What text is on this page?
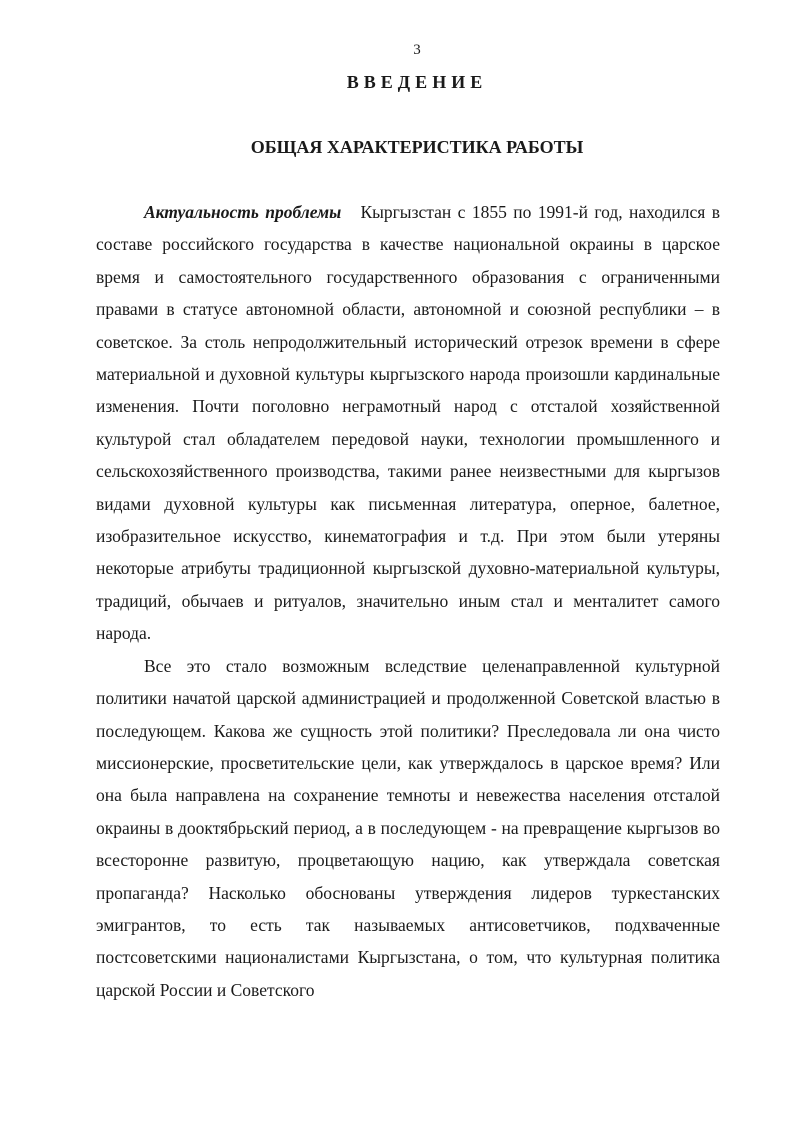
3
ВВЕДЕНИЕ
ОБЩАЯ ХАРАКТЕРИСТИКА РАБОТЫ

Актуальность проблемы Кыргызстан с 1855 по 1991-й год, находился в составе российского государства в качестве национальной окраины в царское время и самостоятельного государственного образования с ограниченными правами в статусе автономной области, автономной и союзной республики – в советское. За столь непродолжительный исторический отрезок времени в сфере материальной и духовной культуры кыргызского народа произошли кардинальные изменения. Почти поголовно неграмотный народ с отсталой хозяйственной культурой стал обладателем передовой науки, технологии промышленного и сельскохозяйственного производства, такими ранее неизвестными для кыргызов видами духовной культуры как письменная литература, оперное, балетное, изобразительное искусство, кинематография и т.д. При этом были утеряны некоторые атрибуты традиционной кыргызской духовно-материальной культуры, традиций, обычаев и ритуалов, значительно иным стал и менталитет самого народа.

Все это стало возможным вследствие целенаправленной культурной политики начатой царской администрацией и продолженной Советской властью в последующем. Какова же сущность этой политики? Преследовала ли она чисто миссионерские, просветительские цели, как утверждалось в царское время? Или она была направлена на сохранение темноты и невежества населения отсталой окраины в дооктябрьский период, а в последующем - на превращение кыргызов во всесторонне развитую, процветающую нацию, как утверждала советская пропаганда? Насколько обоснованы утверждения лидеров туркестанских эмигрантов, то есть так называемых антисоветчиков, подхваченные постсоветскими националистами Кыргызстана, о том, что культурная политика царской России и Советского
